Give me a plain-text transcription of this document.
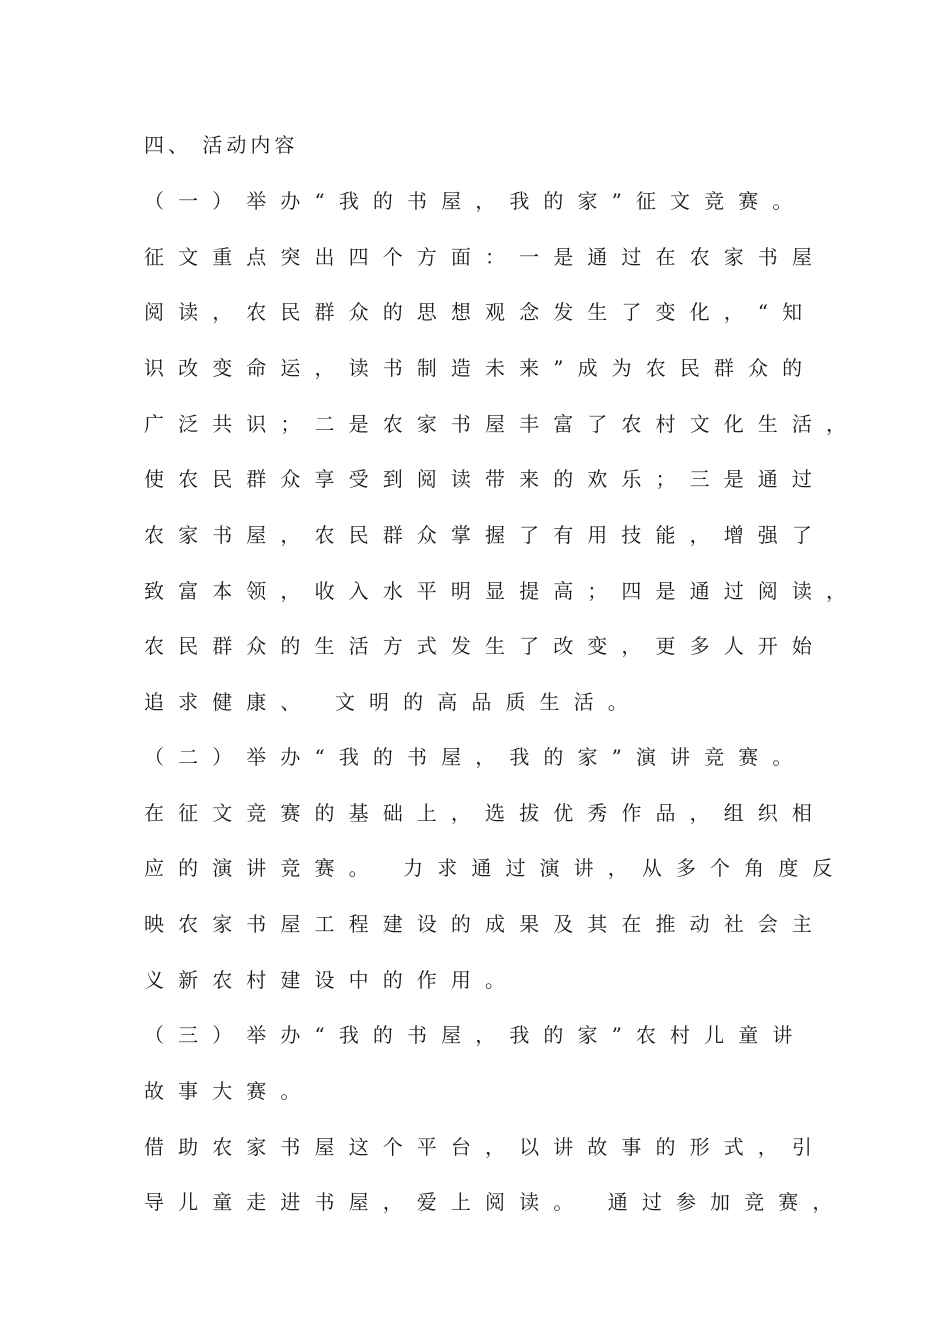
四、 活动内容
（一）举办“我的书屋，我的家”征文竞赛。
征文重点突出四个方面：一是通过在农家书屋
阅读，农民群众的思想观念发生了变化，“知
识改变命运，读书制造未来”成为农民群众的
广泛共识；二是农家书屋丰富了农村文化生活，
使农民群众享受到阅读带来的欢乐；三是通过
农家书屋，农民群众掌握了有用技能，增强了
致富本领，收入水平明显提高；四是通过阅读，
农民群众的生活方式发生了改变，更多人开始
追求健康、 文明的高品质生活。
（二）举办“我的书屋，我的家”演讲竞赛。
在征文竞赛的基础上，选拔优秀作品，组织相
应的演讲竞赛。 力求通过演讲，从多个角度反
映农家书屋工程建设的成果及其在推动社会主
义新农村建设中的作用。
（三）举办“我的书屋，我的家”农村儿童讲
故事大赛。
借助农家书屋这个平台，以讲故事的形式，引
导儿童走进书屋，爱上阅读。 通过参加竞赛，
